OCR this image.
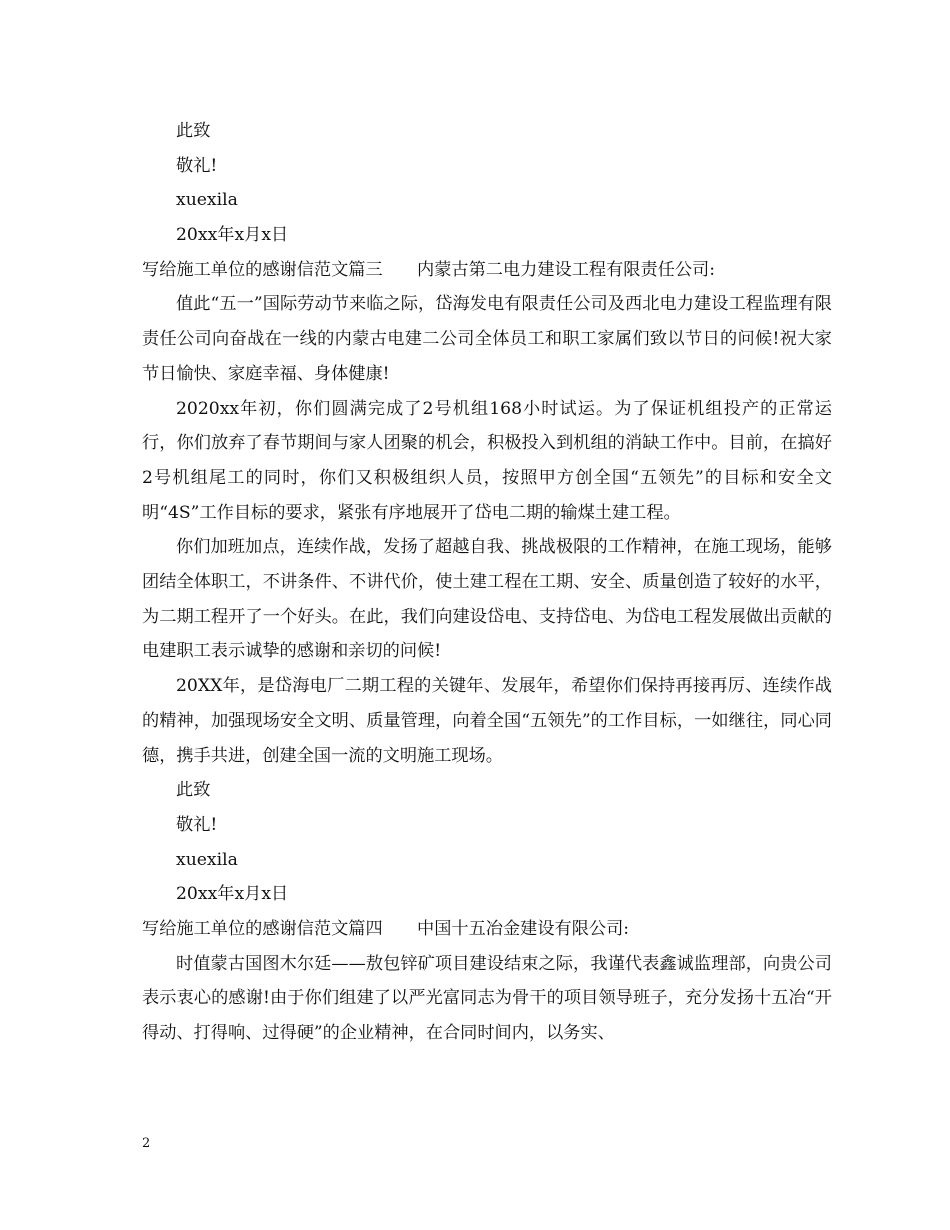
此致
敬礼!
xuexila
20xx年x月x日
写给施工单位的感谢信范文篇三　　内蒙古第二电力建设工程有限责任公司:
值此“五一”国际劳动节来临之际，岱海发电有限责任公司及西北电力建设工程监理有限责任公司向奋战在一线的内蒙古电建二公司全体员工和职工家属们致以节日的问候!祝大家节日愉快、家庭幸福、身体健康!
2020xx年初，你们圆满完成了2号机组168小时试运。为了保证机组投产的正常运行，你们放弃了春节期间与家人团聚的机会，积极投入到机组的消缺工作中。目前，在搞好2号机组尾工的同时，你们又积极组织人员，按照甲方创全国“五领先”的目标和安全文明“4S”工作目标的要求，紧张有序地展开了岱电二期的输煤土建工程。
你们加班加点，连续作战，发扬了超越自我、挑战极限的工作精神，在施工现场，能够团结全体职工，不讲条件、不讲代价，使土建工程在工期、安全、质量创造了较好的水平，为二期工程开了一个好头。在此，我们向建设岱电、支持岱电、为岱电工程发展做出贡献的电建职工表示诚挚的感谢和亲切的问候!
20XX年，是岱海电厂二期工程的关键年、发展年，希望你们保持再接再厉、连续作战的精神，加强现场安全文明、质量管理，向着全国“五领先”的工作目标，一如继往，同心同德，携手共进，创建全国一流的文明施工现场。
此致
敬礼!
xuexila
20xx年x月x日
写给施工单位的感谢信范文篇四　　中国十五冶金建设有限公司:
时值蒙古国图木尔廷——敖包锌矿项目建设结束之际，我谨代表鑫诚监理部，向贵公司表示衷心的感谢!由于你们组建了以严光富同志为骨干的项目领导班子，充分发扬十五冶“开得动、打得响、过得硬”的企业精神，在合同时间内，以务实、
2
